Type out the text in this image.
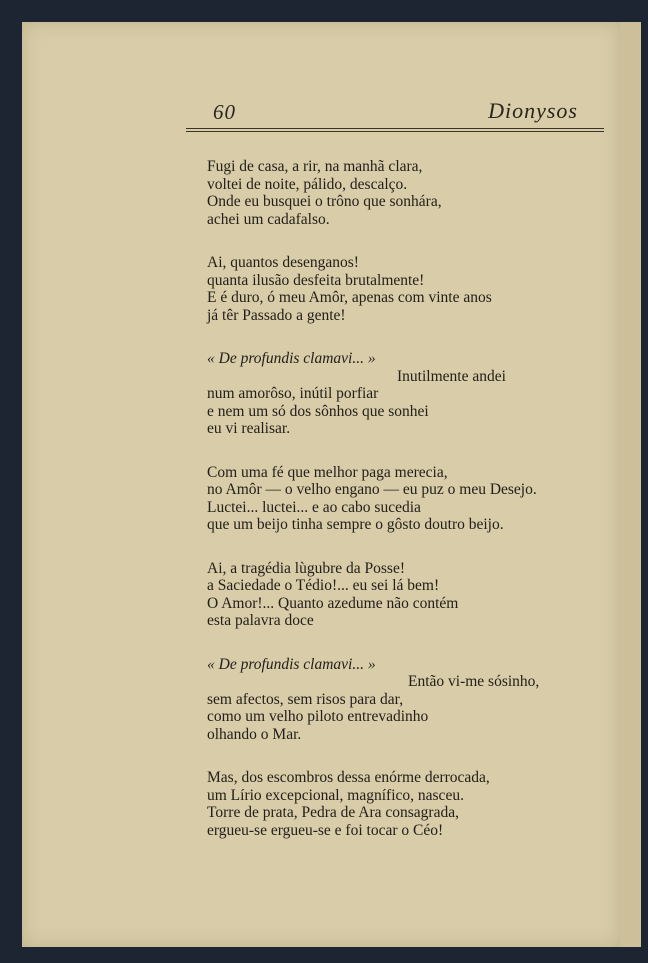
60	Dionysos
Fugi de casa, a rir, na manhã clara,
voltei de noite, pálido, descalço.
Onde eu busquei o trôno que sonhára,
achei um cadafalso.
Ai, quantos desenganos!
quanta ilusão desfeita brutalmente!
E é duro, ó meu Amôr, apenas com vinte anos
já têr Passado a gente!
« De profundis clamavi... »
Inutilmente andei
num amorôso, inútil porfiar
e nem um só dos sônhos que sonhei
eu vi realisar.
Com uma fé que melhor paga merecia,
no Amôr — o velho engano — eu puz o meu Desejo.
Luctei... luctei... e ao cabo sucedia
que um beijo tinha sempre o gôsto doutro beijo.
Ai, a tragédia lùgubre da Posse!
a Saciedade o Tédio!... eu sei lá bem!
O Amor!... Quanto azedume não contém
esta palavra doce
« De profundis clamavi... »
Então vi-me sósinho,
sem afectos, sem risos para dar,
como um velho piloto entrevadinho
olhando o Mar.
Mas, dos escombros dessa enórme derrocada,
um Lírio excepcional, magnífico, nasceu.
Torre de prata, Pedra de Ara consagrada,
ergueu-se ergueu-se e foi tocar o Céo!
